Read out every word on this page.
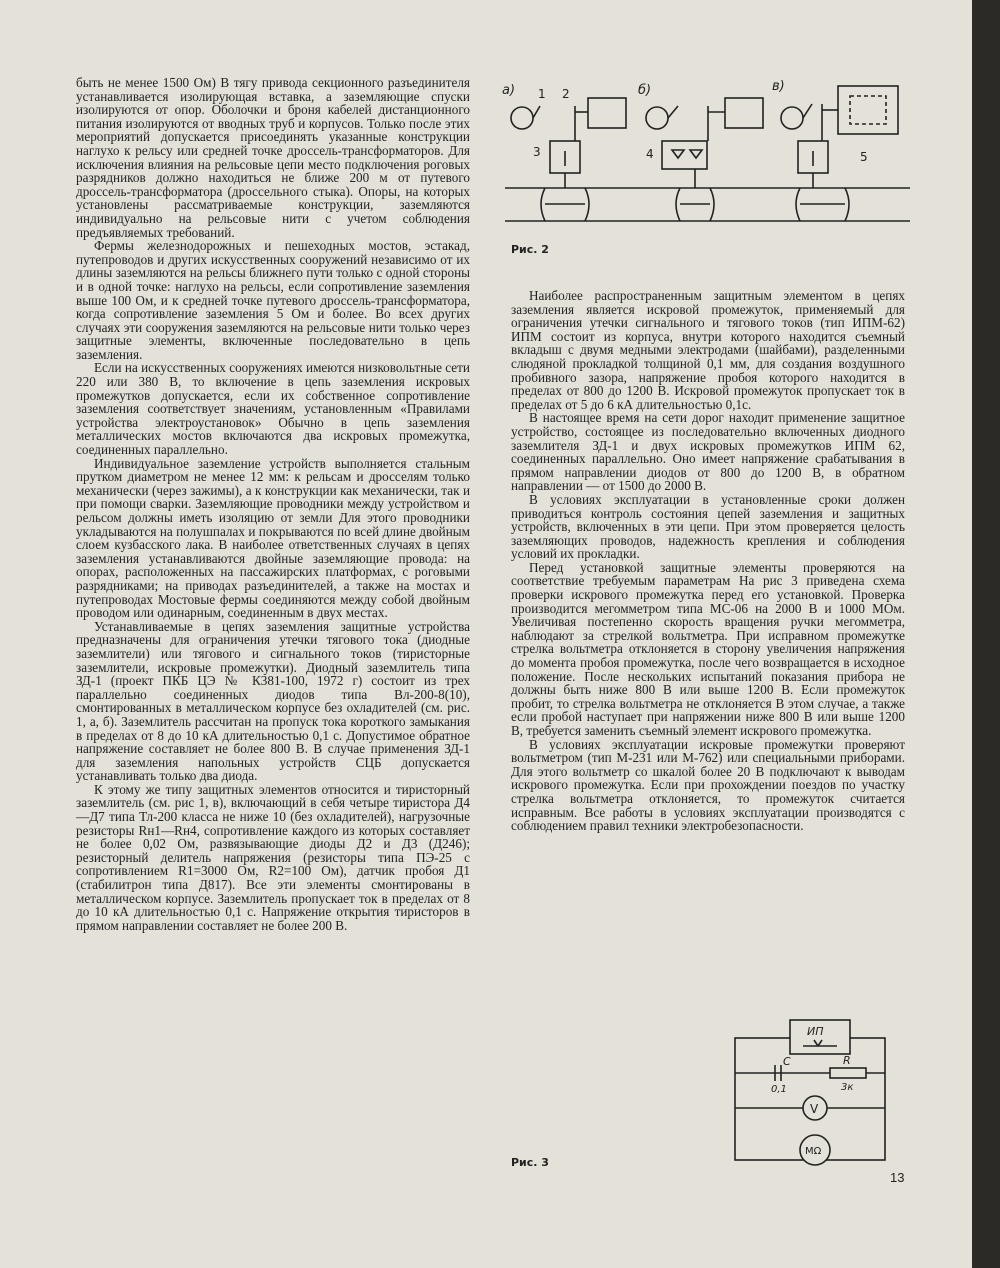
быть не менее 1500 Ом) В тягу привода секционного разъединителя устанавливается изолирующая вставка, а заземляющие спуски изолируются от опор. Оболочки и броня кабелей дистанционного питания изолируются от вводных труб и корпусов. Только после этих мероприятий допускается присоединять указанные конструкции наглухо к рельсу или средней точке дроссель-трансформаторов. Для исключения влияния на рельсовые цепи место подключения роговых разрядников должно находиться не ближе 200 м от путевого дроссель-трансформатора (дроссельного стыка). Опоры, на которых установлены рассматриваемые конструкции, заземляются индивидуально на рельсовые нити с учетом соблюдения предъявляемых требований.

Фермы железнодорожных и пешеходных мостов, эстакад, путепроводов и других искусственных сооружений независимо от их длины заземляются на рельсы ближнего пути только с одной стороны и в одной точке: наглухо на рельсы, если сопротивление заземления выше 100 Ом, и к средней точке путевого дроссель-трансформатора, когда сопротивление заземления 5 Ом и более. Во всех других случаях эти сооружения заземляются на рельсовые нити только через защитные элементы, включенные последовательно в цепь заземления.

Если на искусственных сооружениях имеются низковольтные сети 220 или 380 В, то включение в цепь заземления искровых промежутков допускается, если их собственное сопротивление заземления соответствует значениям, установленным «Правилами устройства электроустановок» Обычно в цепь заземления металлических мостов включаются два искровых промежутка, соединенных параллельно.

Индивидуальное заземление устройств выполняется стальным прутком диаметром не менее 12 мм: к рельсам и дросселям только механически (через зажимы), а к конструкции как механически, так и при помощи сварки. Заземляющие проводники между устройством и рельсом должны иметь изоляцию от земли Для этого проводники укладываются на полушпалах и покрываются по всей длине двойным слоем кузбасского лака. В наиболее ответственных случаях в цепях заземления устанавливаются двойные заземляющие провода: на опорах, расположенных на пассажирских платформах, с роговыми разрядниками; на приводах разъединителей, а также на мостах и путепроводах Мостовые фермы соединяются между собой двойным проводом или одинарным, соединенным в двух местах.

Устанавливаемые в цепях заземления защитные устройства предназначены для ограничения утечки тягового тока (диодные заземлители) или тягового и сигнального токов (тиристорные заземлители, искровые промежутки). Диодный заземлитель типа ЗД-1 (проект ПКБ ЦЭ № К381-100, 1972 г) состоит из трех параллельно соединенных диодов типа Вл-200-8(10), смонтированных в металлическом корпусе без охладителей (см. рис. 1, а, б). Заземлитель рассчитан на пропуск тока короткого замыкания в пределах от 8 до 10 кА длительностью 0,1 с. Допустимое обратное напряжение составляет не более 800 В. В случае применения ЗД-1 для заземления напольных устройств СЦБ допускается устанавливать только два диода.

К этому же типу защитных элементов относится и тиристорный заземлитель (см. рис 1, в), включающий в себя четыре тиристора Д4—Д7 типа Тл-200 класса не ниже 10 (без охладителей), нагрузочные резисторы Rн1—Rн4, сопротивление каждого из которых составляет не более 0,02 Ом, развязывающие диоды Д2 и Д3 (Д246); резисторный делитель напряжения (резисторы типа ПЭ-25 с сопротивлением R1=3000 Ом, R2=100 Ом), датчик пробоя Д1 (стабилитрон типа Д817). Все эти элементы смонтированы в металлическом корпусе. Заземлитель пропускает ток в пределах от 8 до 10 кА длительностью 0,1 с. Напряжение открытия тиристоров в прямом направлении составляет не более 200 В.

а)	б)	в)
1 2
3	4	5
Рис. 2

Наиболее распространенным защитным элементом в цепях заземления является искровой промежуток, применяемый для ограничения утечки сигнального и тягового токов (тип ИПМ-62) ИПМ состоит из корпуса, внутри которого находится съемный вкладыш с двумя медными электродами (шайбами), разделенными слюдяной прокладкой толщиной 0,1 мм, для создания воздушного пробивного зазора, напряжение пробоя которого находится в пределах от 800 до 1200 В. Искровой промежуток пропускает ток в пределах от 5 до 6 кА длительностью 0,1с.

В настоящее время на сети дорог находит применение защитное устройство, состоящее из последовательно включенных диодного заземлителя ЗД-1 и двух искровых промежутков ИПМ 62, соединенных параллельно. Оно имеет напряжение срабатывания в прямом направлении диодов от 800 до 1200 В, в обратном направлении — от 1500 до 2000 В.

В условиях эксплуатации в установленные сроки должен приводиться контроль состояния цепей заземления и защитных устройств, включенных в эти цепи. При этом проверяется целость заземляющих проводов, надежность крепления и соблюдения условий их прокладки.

Перед установкой защитные элементы проверяются на соответствие требуемым параметрам На рис 3 приведена схема проверки искрового промежутка перед его установкой. Проверка производится мегомметром типа МС-06 на 2000 В и 1000 МОм. Увеличивая постепенно скорость вращения ручки мегомметра, наблюдают за стрелкой вольтметра. При исправном промежутке стрелка вольтметра отклоняется в сторону увеличения напряжения до момента пробоя промежутка, после чего возвращается в исходное положение. После нескольких испытаний показания прибора не должны быть ниже 800 В или выше 1200 В. Если промежуток пробит, то стрелка вольтметра не отклоняется В этом случае, а также если пробой наступает при напряжении ниже 800 В или выше 1200 В, требуется заменить съемный элемент искрового промежутка.

В условиях эксплуатации искровые промежутки проверяют вольтметром (тип М-231 или М-762) или специальными приборами. Для этого вольтметр со шкалой более 20 В подключают к выводам искрового промежутка. Если при прохождении поездов по участку стрелка вольтметра отклоняется, то промежуток считается исправным. Все работы в условиях эксплуатации производятся с соблюдением правил техники электробезопасности.

ИП
C
0,1
R
3к
V
MΩ
Рис. 3
13
